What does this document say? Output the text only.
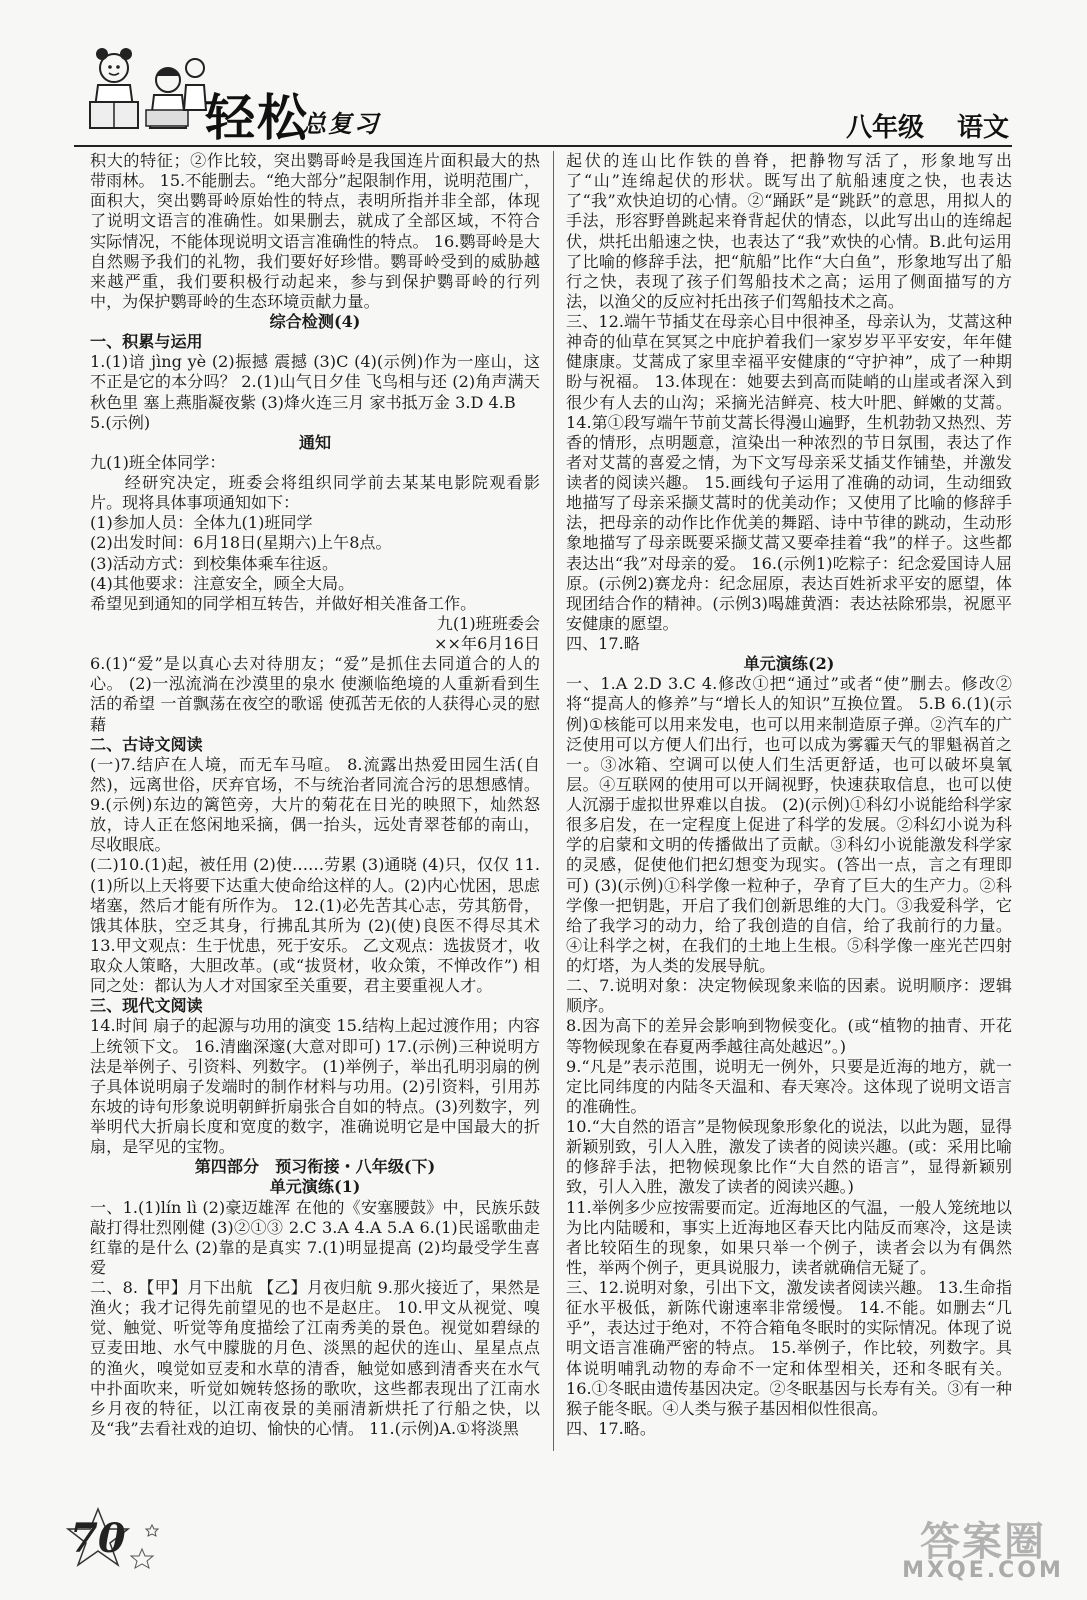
轻松
总复习	八年级 语文

积大的特征；②作比较，突出鹦哥岭是我国连片面积最大的热带雨林。 15.不能删去。“绝大部分”起限制作用，说明范围广，面积大，突出鹦哥岭原始性的特点，表明所指并非全部，体现了说明文语言的准确性。如果删去，就成了全部区域，不符合实际情况，不能体现说明文语言准确性的特点。 16.鹦哥岭是大自然赐予我们的礼物，我们要好好珍惜。鹦哥岭受到的威胁越来越严重，我们要积极行动起来，参与到保护鹦哥岭的行列中，为保护鹦哥岭的生态环境贡献力量。

综合检测(4)

一、积累与运用

1.(1)谙 jìng yè (2)振撼 震撼 (3)C (4)(示例)作为一座山，这不正是它的本分吗？ 2.(1)山气日夕佳 飞鸟相与还 (2)角声满天秋色里 塞上燕脂凝夜紫 (3)烽火连三月 家书抵万金 3.D 4.B

5.(示例)

通知

九(1)班全体同学：

　　经研究决定，班委会将组织同学前去某某电影院观看影片。现将具体事项通知如下：

(1)参加人员：全体九(1)班同学

(2)出发时间：6月18日(星期六)上午8点。

(3)活动方式：到校集体乘车往返。

(4)其他要求：注意安全，顾全大局。

希望见到通知的同学相互转告，并做好相关准备工作。

九(1)班班委会

××年6月16日

6.(1)“爱”是以真心去对待朋友；“爱”是抓住去同道合的人的心。 (2)一泓流淌在沙漠里的泉水 使濒临绝境的人重新看到生活的希望 一首飘荡在夜空的歌谣 使孤苦无依的人获得心灵的慰藉

二、古诗文阅读

(一)7.结庐在人境，而无车马喧。 8.流露出热爱田园生活(自然)，远离世俗，厌弃官场，不与统治者同流合污的思想感情。 9.(示例)东边的篱笆旁，大片的菊花在日光的映照下，灿然怒放，诗人正在悠闲地采摘，偶一抬头，远处青翠苍郁的南山，尽收眼底。

(二)10.(1)起，被任用 (2)使……劳累 (3)通晓 (4)只，仅仅 11.(1)所以上天将要下达重大使命给这样的人。(2)内心忧困，思虑堵塞，然后才能有所作为。 12.(1)必先苦其心志，劳其筋骨，饿其体肤，空乏其身，行拂乱其所为 (2)(使)良医不得尽其术 13.甲文观点：生于忧患，死于安乐。 乙文观点：选拔贤才，收取众人策略，大胆改革。(或“拔贤材，收众策，不惮改作”) 相同之处：都认为人才对国家至关重要，君主要重视人才。

三、现代文阅读

14.时间 扇子的起源与功用的演变 15.结构上起过渡作用；内容上统领下文。 16.清幽深邃(大意对即可) 17.(示例)三种说明方法是举例子、引资料、列数字。 (1)举例子，举出孔明羽扇的例子具体说明扇子发端时的制作材料与功用。(2)引资料，引用苏东坡的诗句形象说明朝鲜折扇张合自如的特点。(3)列数字，列举明代大折扇长度和宽度的数字，准确说明它是中国最大的折扇，是罕见的宝物。

第四部分　预习衔接・八年级(下)

单元演练(1)

一、1.(1)lín lì (2)豪迈雄浑 在他的《安塞腰鼓》中，民族乐鼓敲打得壮烈刚健 (3)②①③ 2.C 3.A 4.A 5.A 6.(1)民谣歌曲走红靠的是什么 (2)靠的是真实 7.(1)明显提高 (2)均最受学生喜爱

二、8.【甲】月下出航 【乙】月夜归航 9.那火接近了，果然是渔火；我才记得先前望见的也不是赵庄。 10.甲文从视觉、嗅觉、触觉、听觉等角度描绘了江南秀美的景色。视觉如碧绿的豆麦田地、水气中朦胧的月色、淡黑的起伏的连山、星星点点的渔火，嗅觉如豆麦和水草的清香，触觉如感到清香夹在水气中扑面吹来，听觉如婉转悠扬的歌吹，这些都表现出了江南水乡月夜的特征，以江南夜景的美丽清新烘托了行船之快，以及“我”去看社戏的迫切、愉快的心情。 11.(示例)A.①将淡黑

起伏的连山比作铁的兽脊，把静物写活了，形象地写出了“山”连绵起伏的形状。既写出了航船速度之快，也表达了“我”欢快迫切的心情。②“踊跃”是“跳跃”的意思，用拟人的手法，形容野兽跳起来脊背起伏的情态，以此写出山的连绵起伏，烘托出船速之快，也表达了“我”欢快的心情。B.此句运用了比喻的修辞手法，把“航船”比作“大白鱼”，形象地写出了船行之快，表现了孩子们驾船技术之高；运用了侧面描写的方法，以渔父的反应衬托出孩子们驾船技术之高。

三、12.端午节插艾在母亲心目中很神圣，母亲认为，艾蒿这种神奇的仙草在冥冥之中庇护着我们一家岁岁平平安安，年年健健康康。艾蒿成了家里幸福平安健康的“守护神”，成了一种期盼与祝福。 13.体现在：她要去到高而陡峭的山崖或者深入到很少有人去的山沟；采摘光洁鲜亮、枝大叶肥、鲜嫩的艾蒿。 14.第①段写端午节前艾蒿长得漫山遍野，生机勃勃又热烈、芳香的情形，点明题意，渲染出一种浓烈的节日氛围，表达了作者对艾蒿的喜爱之情，为下文写母亲采艾插艾作铺垫，并激发读者的阅读兴趣。 15.画线句子运用了准确的动词，生动细致地描写了母亲采撷艾蒿时的优美动作；又使用了比喻的修辞手法，把母亲的动作比作优美的舞蹈、诗中节律的跳动，生动形象地描写了母亲既要采撷艾蒿又要牵挂着“我”的样子。这些都表达出“我”对母亲的爱。 16.(示例1)吃粽子：纪念爱国诗人屈原。(示例2)赛龙舟：纪念屈原，表达百姓祈求平安的愿望，体现团结合作的精神。(示例3)喝雄黄酒：表达祛除邪祟，祝愿平安健康的愿望。

四、17.略

单元演练(2)

一、1.A 2.D 3.C 4.修改①把“通过”或者“使”删去。修改②将“提高人的修养”与“增长人的知识”互换位置。 5.B 6.(1)(示例)①核能可以用来发电，也可以用来制造原子弹。②汽车的广泛使用可以方便人们出行，也可以成为雾霾天气的罪魁祸首之一。③冰箱、空调可以使人们生活更舒适，也可以破坏臭氧层。④互联网的使用可以开阔视野，快速获取信息，也可以使人沉溺于虚拟世界难以自拔。 (2)(示例)①科幻小说能给科学家很多启发，在一定程度上促进了科学的发展。②科幻小说为科学的启蒙和文明的传播做出了贡献。③科幻小说能激发科学家的灵感，促使他们把幻想变为现实。(答出一点，言之有理即可) (3)(示例)①科学像一粒种子，孕育了巨大的生产力。②科学像一把钥匙，开启了我们创新思维的大门。③我爱科学，它给了我学习的动力，给了我创造的自信，给了我前行的力量。④让科学之树，在我们的土地上生根。⑤科学像一座光芒四射的灯塔，为人类的发展导航。

二、7.说明对象：决定物候现象来临的因素。说明顺序：逻辑顺序。

8.因为高下的差异会影响到物候变化。(或“植物的抽青、开花等物候现象在春夏两季越往高处越迟”。)

9.“凡是”表示范围，说明无一例外，只要是近海的地方，就一定比同纬度的内陆冬天温和、春天寒冷。这体现了说明文语言的准确性。

10.“大自然的语言”是物候现象形象化的说法，以此为题，显得新颖别致，引人入胜，激发了读者的阅读兴趣。(或：采用比喻的修辞手法，把物候现象比作“大自然的语言”，显得新颖别致，引人入胜，激发了读者的阅读兴趣。)

11.举例多少应按需要而定。近海地区的气温，一般人笼统地以为比内陆暖和，事实上近海地区春天比内陆反而寒冷，这是读者比较陌生的现象，如果只举一个例子，读者会以为有偶然性，举两个例子，更具说服力，读者就确信无疑了。

三、12.说明对象，引出下文，激发读者阅读兴趣。 13.生命指征水平极低，新陈代谢速率非常缓慢。 14.不能。如删去“几乎”，表达过于绝对，不符合箱龟冬眠时的实际情况。体现了说明文语言准确严密的特点。 15.举例子，作比较，列数字。具体说明哺乳动物的寿命不一定和体型相关，还和冬眠有关。 16.①冬眠由遗传基因决定。②冬眠基因与长寿有关。③有一种猴子能冬眠。④人类与猴子基因相似性很高。

四、17.略。

70	答案圈
MXQE.COM
